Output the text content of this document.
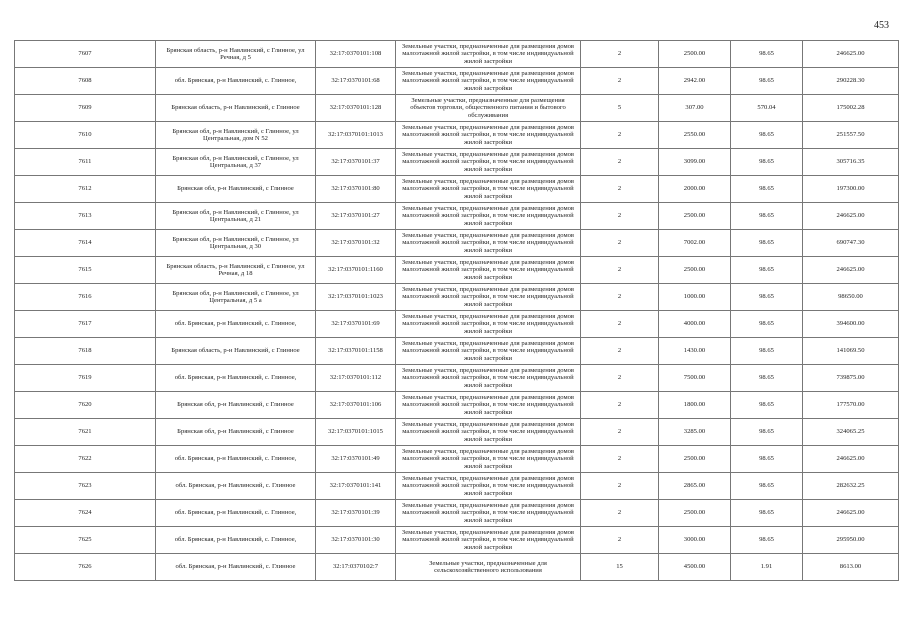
453
7607	Брянская область, р-н Навлинский, с Глинное, ул Речная, д 5	32:17:0370101:108	Земельные участки, предназначенные для размещения домов малоэтажной жилой застройки, в том числе индивидуальной жилой застройки	2	2500.00	98.65	246625.00
7608	обл. Брянская, р-н Навлинский, с. Глинное,	32:17:0370101:68	Земельные участки, предназначенные для размещения домов малоэтажной жилой застройки, в том числе индивидуальной жилой застройки	2	2942.00	98.65	290228.30
7609	Брянская область, р-н Навлинский, с Глинное	32:17:0370101:128	Земельные участки, предназначенные для размещения объектов торговли, общественного питания и бытового обслуживания	5	307.00	570.04	175002.28
7610	Брянская обл, р-н Навлинский, с Глинное, ул Центральная, дом N 52	32:17:0370101:1013	Земельные участки, предназначенные для размещения домов малоэтажной жилой застройки, в том числе индивидуальной жилой застройки	2	2550.00	98.65	251557.50
7611	Брянская обл, р-н Навлинский, с Глинное, ул Центральная, д 37	32:17:0370101:37	Земельные участки, предназначенные для размещения домов малоэтажной жилой застройки, в том числе индивидуальной жилой застройки	2	3099.00	98.65	305716.35
7612	Брянская обл, р-н Навлинский, с Глинное	32:17:0370101:80	Земельные участки, предназначенные для размещения домов малоэтажной жилой застройки, в том числе индивидуальной жилой застройки	2	2000.00	98.65	197300.00
7613	Брянская обл, р-н Навлинский, с Глинное, ул Центральная, д 21	32:17:0370101:27	Земельные участки, предназначенные для размещения домов малоэтажной жилой застройки, в том числе индивидуальной жилой застройки	2	2500.00	98.65	246625.00
7614	Брянская обл, р-н Навлинский, с Глинное, ул Центральная, д 30	32:17:0370101:32	Земельные участки, предназначенные для размещения домов малоэтажной жилой застройки, в том числе индивидуальной жилой застройки	2	7002.00	98.65	690747.30
7615	Брянская область, р-н Навлинский, с Глинное, ул Речная, д 18	32:17:0370101:1160	Земельные участки, предназначенные для размещения домов малоэтажной жилой застройки, в том числе индивидуальной жилой застройки	2	2500.00	98.65	246625.00
7616	Брянская обл, р-н Навлинский, с Глинное, ул Центральная, д 5 а	32:17:0370101:1023	Земельные участки, предназначенные для размещения домов малоэтажной жилой застройки, в том числе индивидуальной жилой застройки	2	1000.00	98.65	98650.00
7617	обл. Брянская, р-н Навлинский, с. Глинное,	32:17:0370101:69	Земельные участки, предназначенные для размещения домов малоэтажной жилой застройки, в том числе индивидуальной жилой застройки	2	4000.00	98.65	394600.00
7618	Брянская область, р-н Навлинский, с Глинное	32:17:0370101:1158	Земельные участки, предназначенные для размещения домов малоэтажной жилой застройки, в том числе индивидуальной жилой застройки	2	1430.00	98.65	141069.50
7619	обл. Брянская, р-н Навлинский, с. Глинное,	32:17:0370101:112	Земельные участки, предназначенные для размещения домов малоэтажной жилой застройки, в том числе индивидуальной жилой застройки	2	7500.00	98.65	739875.00
7620	Брянская обл, р-н Навлинский, с Глинное	32:17:0370101:106	Земельные участки, предназначенные для размещения домов малоэтажной жилой застройки, в том числе индивидуальной жилой застройки	2	1800.00	98.65	177570.00
7621	Брянская обл, р-н Навлинский, с Глинное	32:17:0370101:1015	Земельные участки, предназначенные для размещения домов малоэтажной жилой застройки, в том числе индивидуальной жилой застройки	2	3285.00	98.65	324065.25
7622	обл. Брянская, р-н Навлинский, с. Глинное,	32:17:0370101:49	Земельные участки, предназначенные для размещения домов малоэтажной жилой застройки, в том числе индивидуальной жилой застройки	2	2500.00	98.65	246625.00
7623	обл. Брянская, р-н Навлинский, с. Глинное	32:17:0370101:141	Земельные участки, предназначенные для размещения домов малоэтажной жилой застройки, в том числе индивидуальной жилой застройки	2	2865.00	98.65	282632.25
7624	обл. Брянская, р-н Навлинский, с. Глинное,	32:17:0370101:39	Земельные участки, предназначенные для размещения домов малоэтажной жилой застройки, в том числе индивидуальной жилой застройки	2	2500.00	98.65	246625.00
7625	обл. Брянская, р-н Навлинский, с. Глинное,	32:17:0370101:30	Земельные участки, предназначенные для размещения домов малоэтажной жилой застройки, в том числе индивидуальной жилой застройки	2	3000.00	98.65	295950.00
7626	обл. Брянская, р-н Навлинский, с. Глинное	32:17:0370102:7	Земельные участки, предназначенные для сельскохозяйственного использования	15	4500.00	1.91	8613.00
